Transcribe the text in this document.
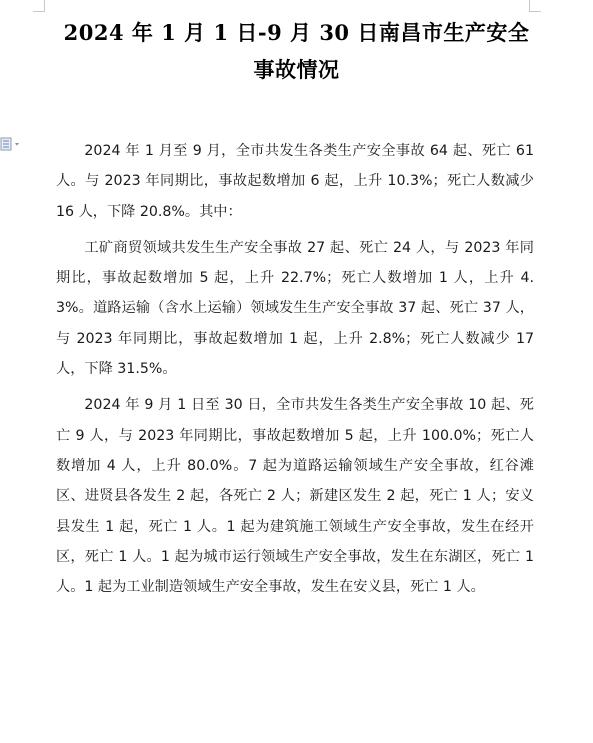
2024 年 1 月 1 日-9 月 30 日南昌市生产安全
事故情况

2024 年 1 月至 9 月，全市共发生各类生产安全事故 64 起、死亡 61 人。与 2023 年同期比，事故起数增加 6 起，上升 10.3%；死亡人数减少 16 人，下降 20.8%。其中：

工矿商贸领域共发生生产安全事故 27 起、死亡 24 人，与 2023 年同期比，事故起数增加 5 起，上升 22.7%；死亡人数增加 1 人，上升 4.3%。道路运输（含水上运输）领域发生生产安全事故 37 起、死亡 37 人，与 2023 年同期比，事故起数增加 1 起，上升 2.8%；死亡人数减少 17 人，下降 31.5%。

2024 年 9 月 1 日至 30 日，全市共发生各类生产安全事故 10 起、死亡 9 人，与 2023 年同期比，事故起数增加 5 起，上升 100.0%；死亡人数增加 4 人，上升 80.0%。7 起为道路运输领域生产安全事故，红谷滩区、进贤县各发生 2 起，各死亡 2 人；新建区发生 2 起，死亡 1 人；安义县发生 1 起，死亡 1 人。1 起为建筑施工领域生产安全事故，发生在经开区，死亡 1 人。1 起为城市运行领域生产安全事故，发生在东湖区，死亡 1 人。1 起为工业制造领域生产安全事故，发生在安义县，死亡 1 人。
